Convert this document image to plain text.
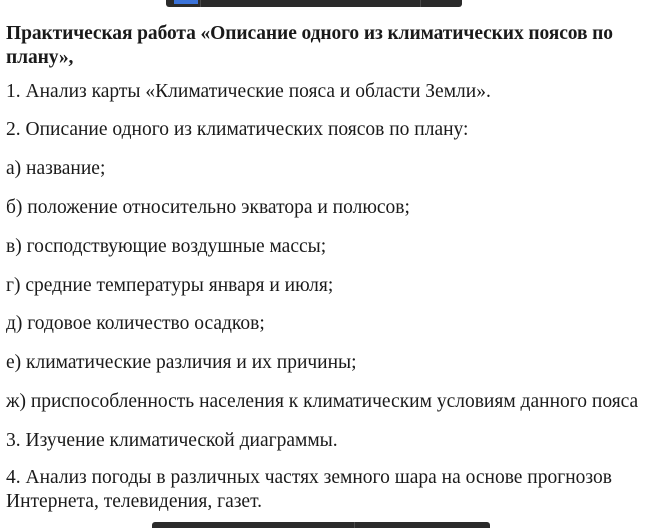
Практическая работа «Описание одного из климатических поясов по плану»,

1. Анализ карты «Климатические пояса и области Земли».

2. Описание одного из климатических поясов по плану:

а) название;

б) положение относительно экватора и полюсов;

в) господствующие воздушные массы;

г) средние температуры января и июля;

д) годовое количество осадков;

е) климатические различия и их причины;

ж) приспособленность населения к климатическим условиям данного пояса

3. Изучение климатической диаграммы.

4. Анализ погоды в различных частях земного шара на основе прогнозов Интернета, телевидения, газет.
